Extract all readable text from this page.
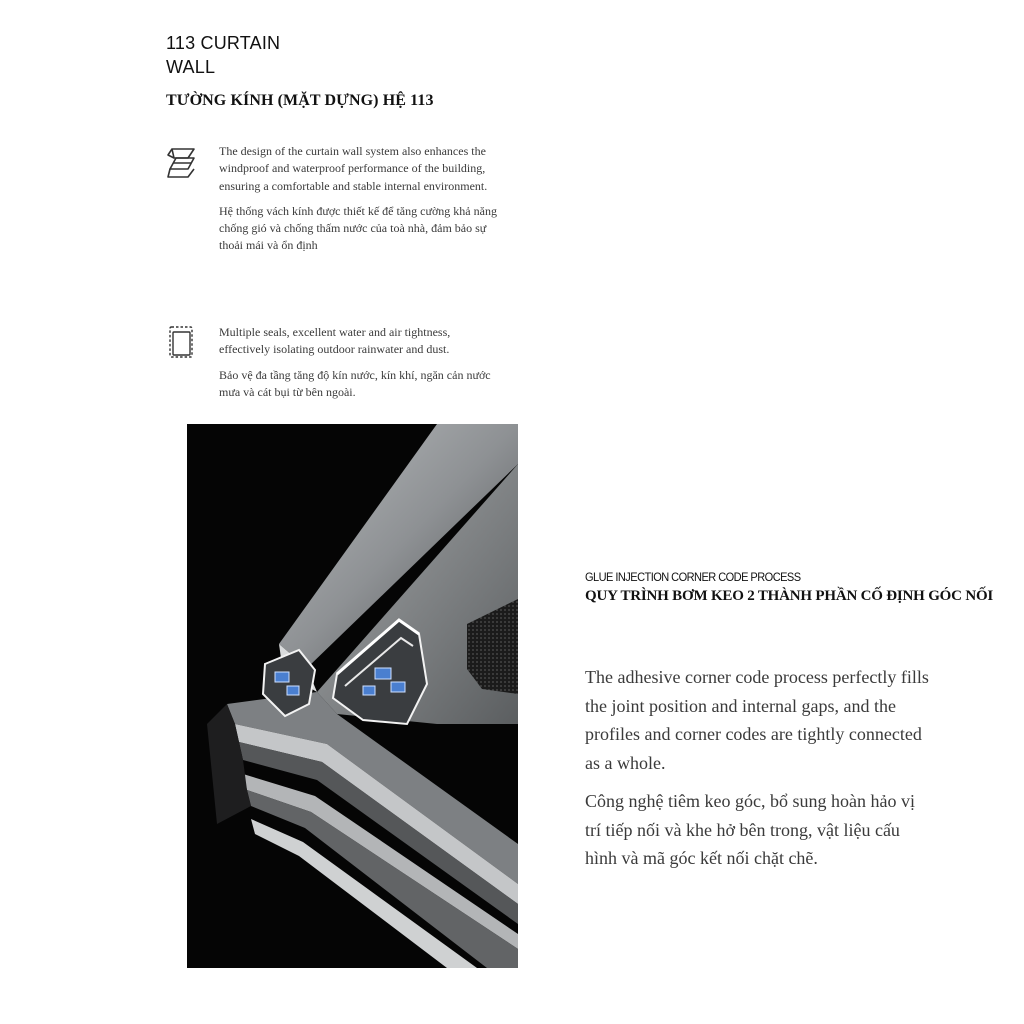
113 CURTAIN
WALL
TƯỜNG KÍNH (MẶT DỰNG) HỆ 113

The design of the curtain wall system also enhances the windproof and waterproof performance of the building, ensuring a comfortable and stable internal environment.

Hệ thống vách kính được thiết kế để tăng cường khả năng chống gió và chống thấm nước của toà nhà, đảm bảo sự thoải mái và ổn định

Multiple seals, excellent water and air tightness, effectively isolating outdoor rainwater and dust.

Bảo vệ đa tầng tăng độ kín nước, kín khí, ngăn cản nước mưa và cát bụi từ bên ngoài.

GLUE INJECTION CORNER CODE PROCESS
QUY TRÌNH BƠM KEO 2 THÀNH PHẦN CỐ ĐỊNH GÓC NỐI

The adhesive corner code process perfectly fills the joint position and internal gaps, and the profiles and corner codes are tightly connected as a whole.

Công nghệ tiêm keo góc, bổ sung hoàn hảo vị trí tiếp nối và khe hở bên trong, vật liệu cấu hình và mã góc kết nối chặt chẽ.
